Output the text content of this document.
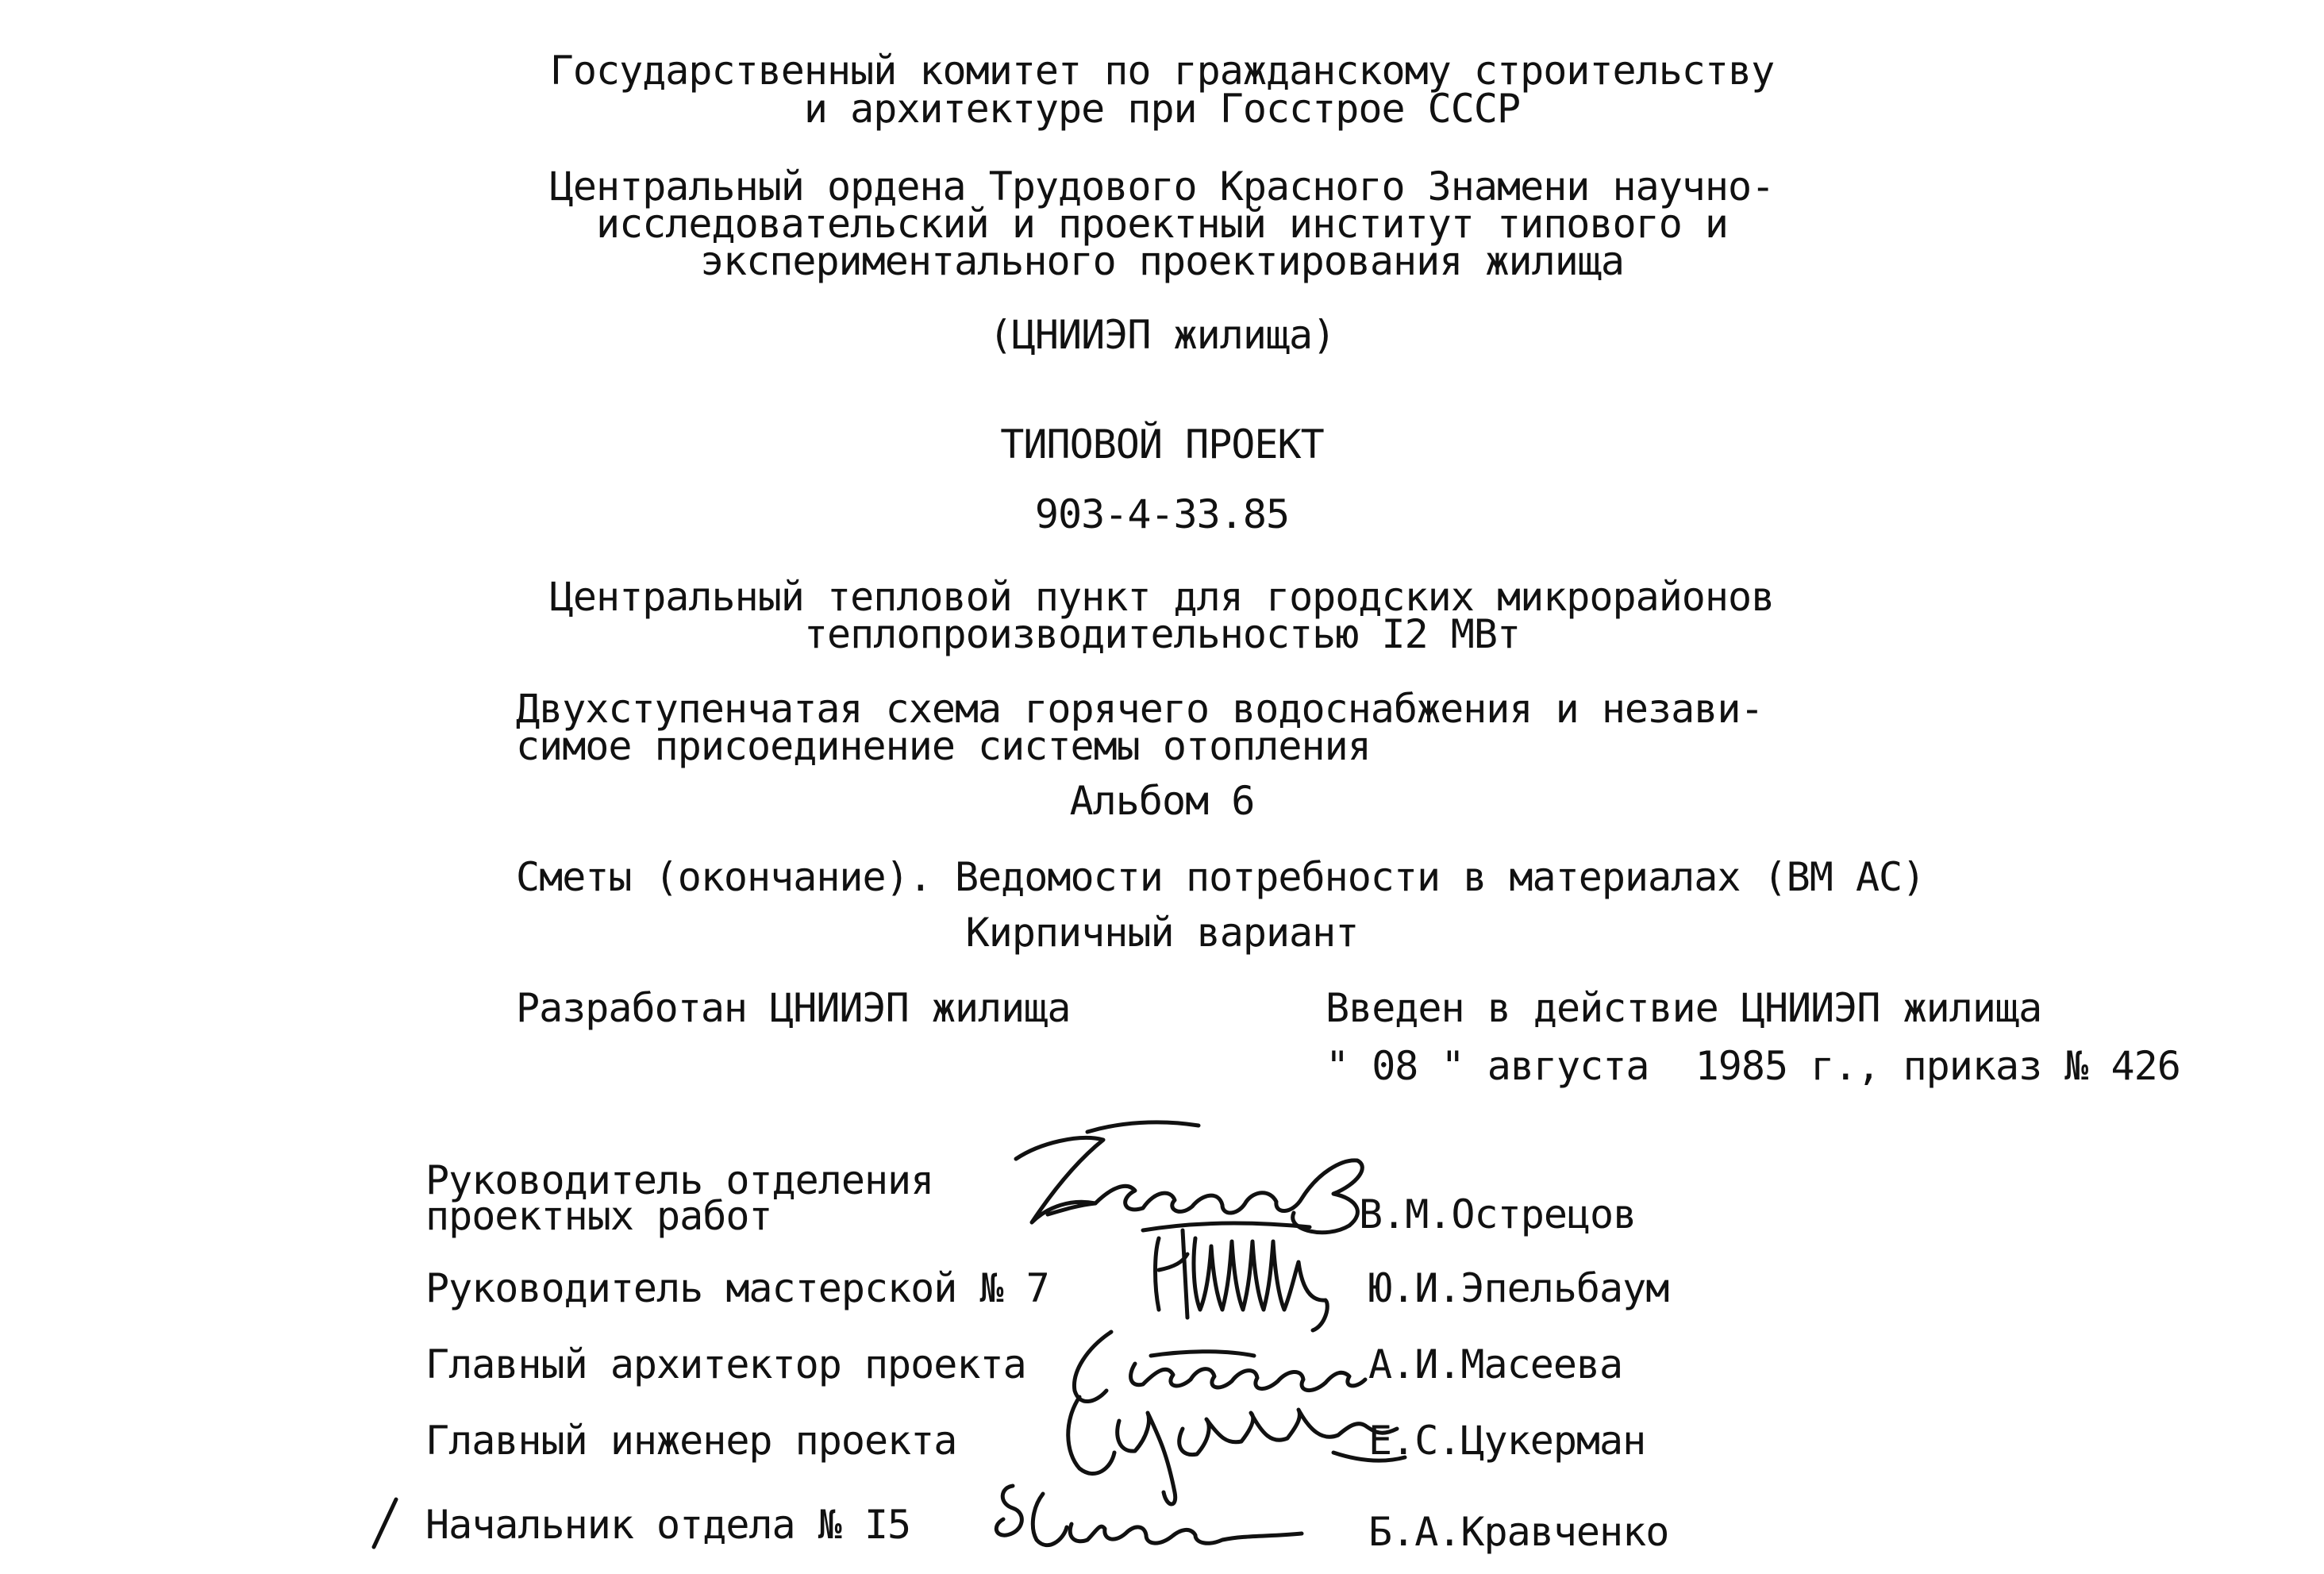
Государственный комитет по гражданскому строительству

и архитектуре при Госстрое СССР

Центральный ордена Трудового Красного Знамени научно-

исследовательский и проектный институт типового и

экспериментального проектирования жилища

(ЦНИИЭП жилища)

ТИПОВОЙ ПРОЕКТ

903-4-33.85

Центральный тепловой пункт для городских микрорайонов

теплопроизводительностью I2 МВт

Двухступенчатая схема горячего водоснабжения и незави-

симое присоединение системы отопления

Альбом 6

Сметы (окончание). Ведомости потребности в материалах (ВМ АС)

Кирпичный вариант

Разработан ЦНИИЭП жилища	Введен в действие ЦНИИЭП жилища

" 08 " августа  1985 г., приказ № 426

Руководитель отделения

проектных работ	В.М.Острецов

Руководитель мастерской № 7	Ю.И.Эпельбаум

Главный архитектор проекта	А.И.Масеева

Главный инженер проекта	Е.С.Цукерман

Начальник отдела № I5	Б.А.Кравченко
